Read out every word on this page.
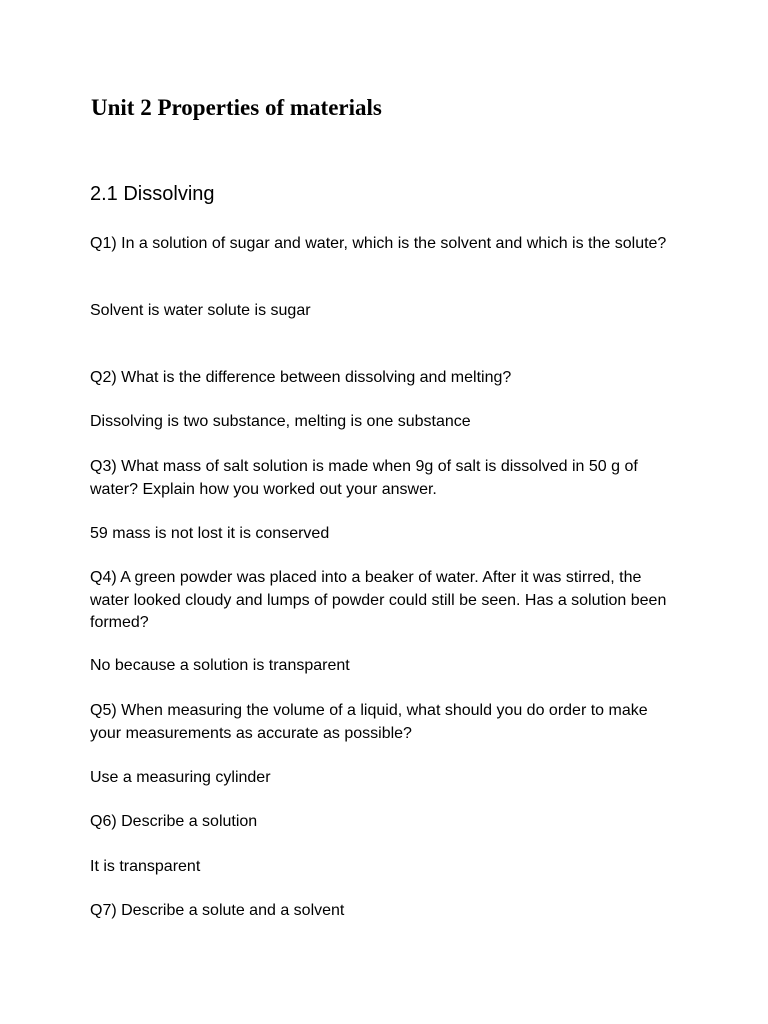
Unit 2 Properties of materials
2.1 Dissolving

Q1) In a solution of sugar and water, which is the solvent and which is the solute?

Solvent is water solute is sugar

Q2) What is the difference between dissolving and melting?

Dissolving is two substance, melting is one substance

Q3) What mass of salt solution is made when 9g of salt is dissolved in 50 g of water? Explain how you worked out your answer.

59 mass is not lost it is conserved

Q4) A green powder was placed into a beaker of water. After it was stirred, the water looked cloudy and lumps of powder could still be seen. Has a solution been formed?

No because a solution is transparent

Q5) When measuring the volume of a liquid, what should you do order to make your measurements as accurate as possible?

Use a measuring cylinder

Q6) Describe a solution

It is transparent

Q7) Describe a solute and a solvent
